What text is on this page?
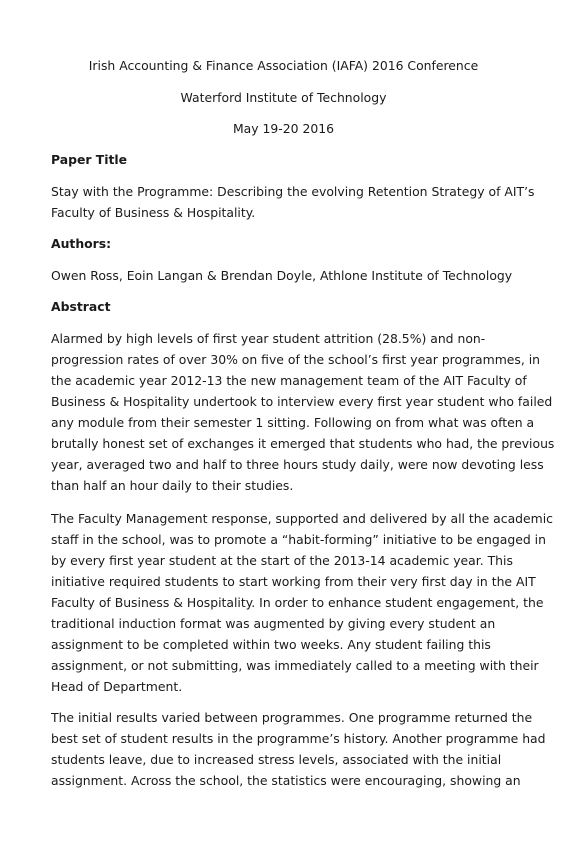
Irish Accounting & Finance Association (IAFA) 2016 Conference
Waterford Institute of Technology
May 19-20 2016
Paper Title
Stay with the Programme: Describing the evolving Retention Strategy of AIT’s
Faculty of Business & Hospitality.
Authors:
Owen Ross, Eoin Langan & Brendan Doyle, Athlone Institute of Technology
Abstract
Alarmed by high levels of first year student attrition (28.5%) and non-
progression rates of over 30% on five of the school’s first year programmes, in
the academic year 2012-13 the new management team of the AIT Faculty of
Business & Hospitality undertook to interview every first year student who failed
any module from their semester 1 sitting. Following on from what was often a
brutally honest set of exchanges it emerged that students who had, the previous
year, averaged two and half to three hours study daily, were now devoting less
than half an hour daily to their studies.
The Faculty Management response, supported and delivered by all the academic
staff in the school, was to promote a “habit-forming” initiative to be engaged in
by every first year student at the start of the 2013-14 academic year. This
initiative required students to start working from their very first day in the AIT
Faculty of Business & Hospitality. In order to enhance student engagement, the
traditional induction format was augmented by giving every student an
assignment to be completed within two weeks. Any student failing this
assignment, or not submitting, was immediately called to a meeting with their
Head of Department.
The initial results varied between programmes. One programme returned the
best set of student results in the programme’s history. Another programme had
students leave, due to increased stress levels, associated with the initial
assignment. Across the school, the statistics were encouraging, showing an
